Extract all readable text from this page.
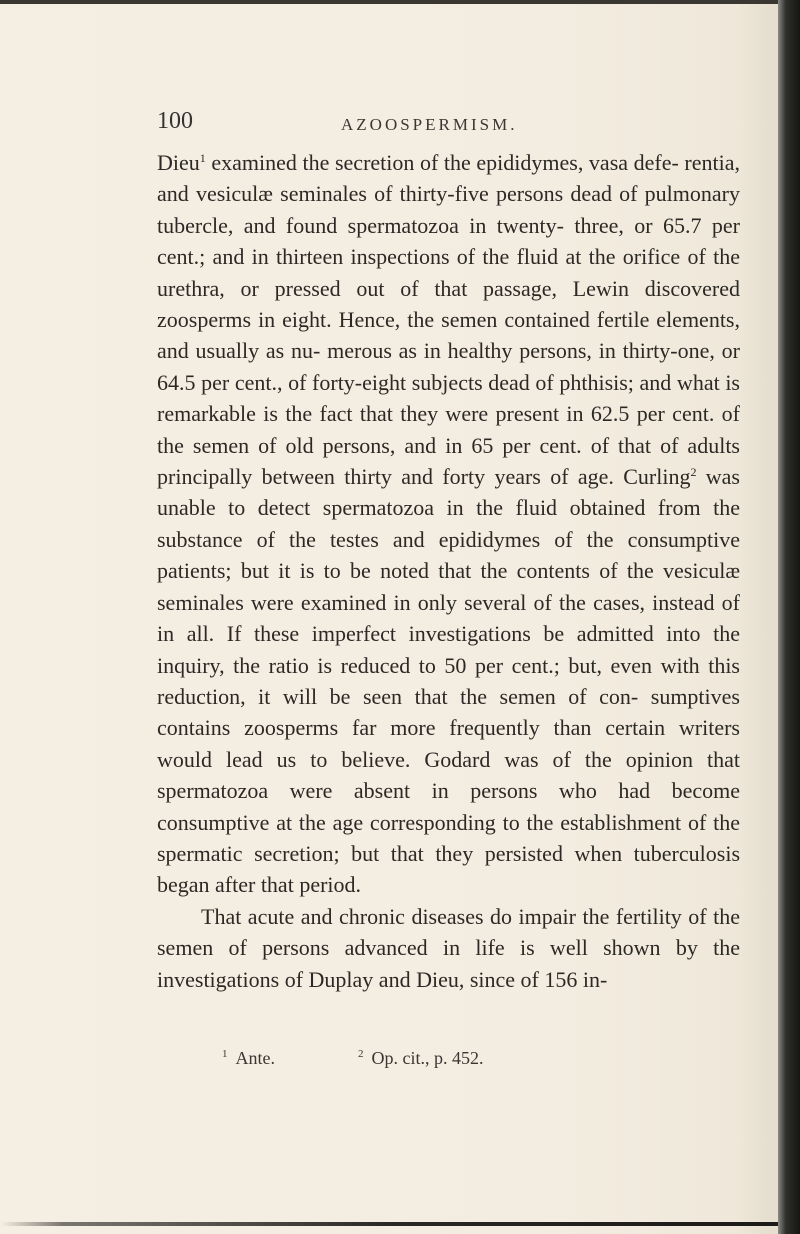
100	AZOOSPERMISM.

Dieu$^1$ examined the secretion of the epididymes, vasa defe- rentia, and vesiculæ seminales of thirty-five persons dead of pulmonary tubercle, and found spermatozoa in twenty- three, or 65.7 per cent.; and in thirteen inspections of the fluid at the orifice of the urethra, or pressed out of that passage, Lewin discovered zoosperms in eight. Hence, the semen contained fertile elements, and usually as nu- merous as in healthy persons, in thirty-one, or 64.5 per cent., of forty-eight subjects dead of phthisis; and what is remarkable is the fact that they were present in 62.5 per cent. of the semen of old persons, and in 65 per cent. of that of adults principally between thirty and forty years of age. Curling$^2$ was unable to detect spermatozoa in the fluid obtained from the substance of the testes and epididymes of the consumptive patients; but it is to be noted that the contents of the vesiculæ seminales were examined in only several of the cases, instead of in all. If these imperfect investigations be admitted into the inquiry, the ratio is reduced to 50 per cent.; but, even with this reduction, it will be seen that the semen of con- sumptives contains zoosperms far more frequently than certain writers would lead us to believe. Godard was of the opinion that spermatozoa were absent in persons who had become consumptive at the age corresponding to the establishment of the spermatic secretion; but that they persisted when tuberculosis began after that period.

That acute and chronic diseases do impair the fertility of the semen of persons advanced in life is well shown by the investigations of Duplay and Dieu, since of 156 in-

$^1$ Ante.	$^2$ Op. cit., p. 452.
